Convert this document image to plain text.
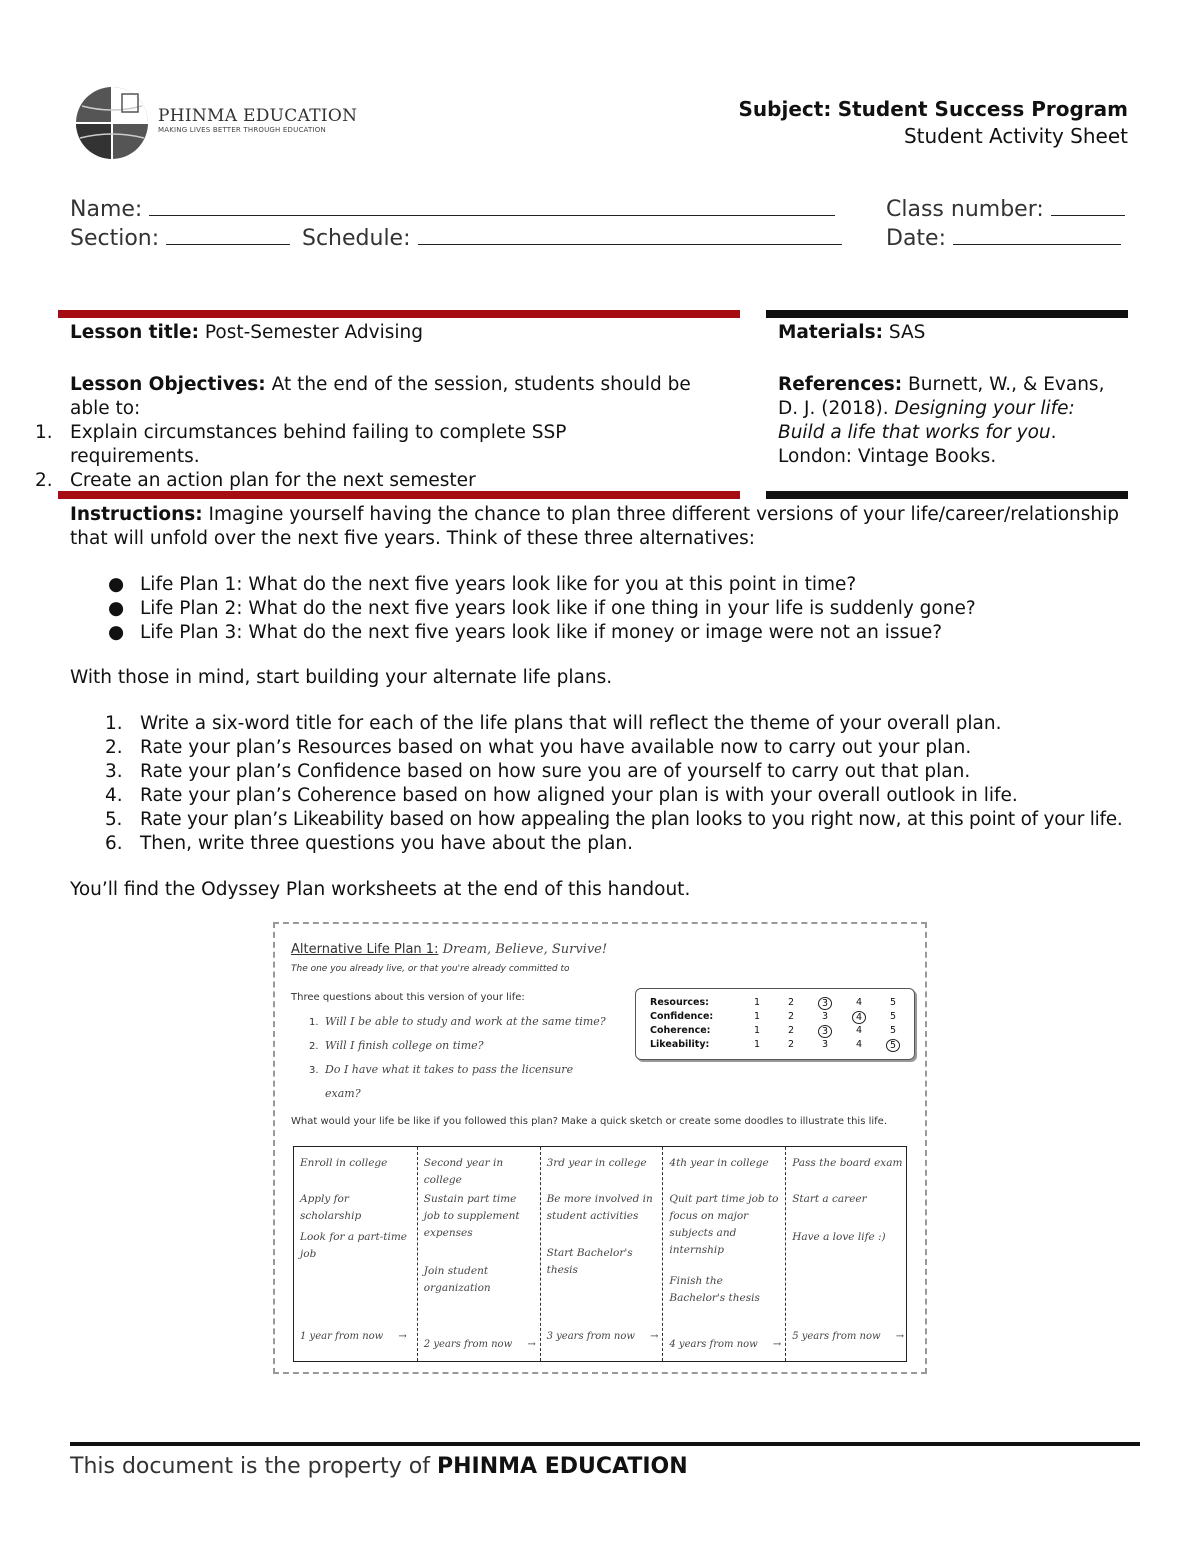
PHINMA EDUCATION
MAKING LIVES BETTER THROUGH EDUCATION
Subject: Student Success Program
Student Activity Sheet
Name:	Class number:
Section:	Schedule:	Date:
Lesson title: Post-Semester Advising
Lesson Objectives: At the end of the session, students should be able to:
1. Explain circumstances behind failing to complete SSP requirements.
2. Create an action plan for the next semester
Materials: SAS
References: Burnett, W., & Evans, D. J. (2018). Designing your life: Build a life that works for you. London: Vintage Books.
Instructions: Imagine yourself having the chance to plan three different versions of your life/career/relationship that will unfold over the next five years. Think of these three alternatives:
● Life Plan 1: What do the next five years look like for you at this point in time?
● Life Plan 2: What do the next five years look like if one thing in your life is suddenly gone?
● Life Plan 3: What do the next five years look like if money or image were not an issue?
With those in mind, start building your alternate life plans.
1. Write a six-word title for each of the life plans that will reflect the theme of your overall plan.
2. Rate your plan’s Resources based on what you have available now to carry out your plan.
3. Rate your plan’s Confidence based on how sure you are of yourself to carry out that plan.
4. Rate your plan’s Coherence based on how aligned your plan is with your overall outlook in life.
5. Rate your plan’s Likeability based on how appealing the plan looks to you right now, at this point of your life.
6. Then, write three questions you have about the plan.
You’ll find the Odyssey Plan worksheets at the end of this handout.
Alternative Life Plan 1: Dream, Believe, Survive!
The one you already live, or that you're already committed to
Three questions about this version of your life:
1. Will I be able to study and work at the same time?
2. Will I finish college on time?
3. Do I have what it takes to pass the licensure exam?
Resources:	1	2	3	4	5
Confidence:	1	2	3	4	5
Coherence:	1	2	3	4	5
Likeability:	1	2	3	4	5
What would your life be like if you followed this plan? Make a quick sketch or create some doodles to illustrate this life.
Enroll in college
Apply for scholarship
Look for a part-time job
1 year from now →
Second year in college
Sustain part time job to supplement expenses
Join student organization
2 years from now →
3rd year in college
Be more involved in student activities
Start Bachelor's thesis
3 years from now →
4th year in college
Quit part time job to focus on major subjects and internship
Finish the Bachelor's thesis
4 years from now →
Pass the board exam
Start a career
Have a love life :)
5 years from now →
This document is the property of PHINMA EDUCATION
